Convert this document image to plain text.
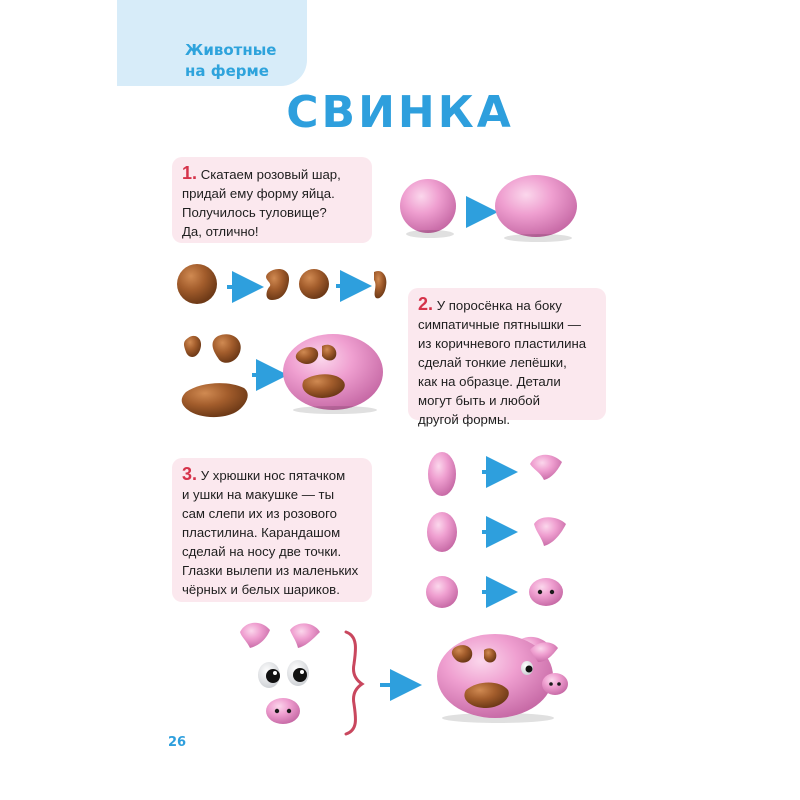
Животные
на ферме
СВИНКА
1. Скатаем розовый шар,
придай ему форму яйца.
Получилось туловище?
Да, отлично!
2. У поросёнка на боку
симпатичные пятнышки —
из коричневого пластилина
сделай тонкие лепёшки,
как на образце. Детали
могут быть и любой
другой формы.
3. У хрюшки нос пятачком
и ушки на макушке — ты
сам слепи их из розового
пластилина. Карандашом
сделай на носу две точки.
Глазки вылепи из маленьких
чёрных и белых шариков.
26
